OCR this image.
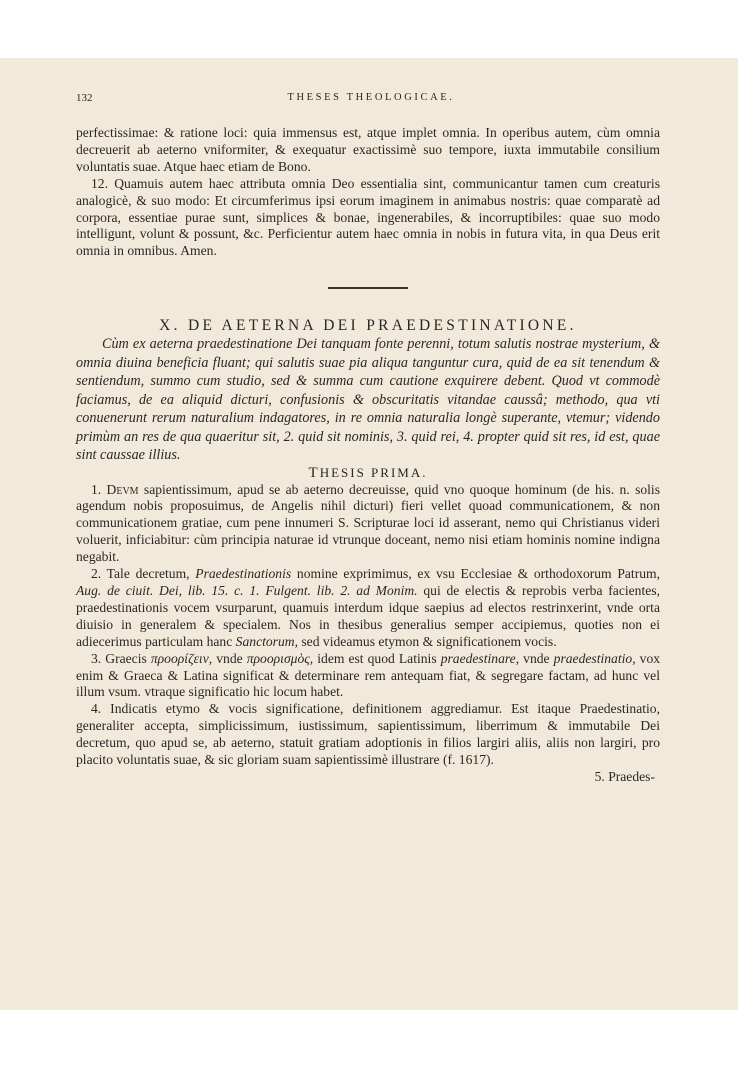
132	THESES THEOLOGICAE.

perfectissimae: & ratione loci: quia immensus est, atque implet omnia. In operibus autem, cùm omnia decreuerit ab aeterno vniformiter, & exequatur exactissimè suo tempore, iuxta immutabile consilium voluntatis suae. Atque haec etiam de Bono.

12. Quamuis autem haec attributa omnia Deo essentialia sint, communicantur tamen cum creaturis analogicè, & suo modo: Et circumferimus ipsi eorum imaginem in animabus nostris: quae comparatè ad corpora, essentiae purae sunt, simplices & bonae, ingenerabiles, & incorruptibiles: quae suo modo intelligunt, volunt & possunt, &c. Perficientur autem haec omnia in nobis in futura vita, in qua Deus erit omnia in omnibus. Amen.

X. DE AETERNA DEI PRAEDESTINATIONE.

Cùm ex aeterna praedestinatione Dei tanquam fonte perenni, totum salutis nostrae mysterium, & omnia diuina beneficia fluant; qui salutis suae pia aliqua tanguntur cura, quid de ea sit tenendum & sentiendum, summo cum studio, sed & summa cum cautione exquirere debent. Quod vt commodè faciamus, de ea aliquid dicturi, confusionis & obscuritatis vitandae caussâ; methodo, qua vti conuenerunt rerum naturalium indagatores, in re omnia naturalia longè superante, vtemur; videndo primùm an res de qua quaeritur sit, 2. quid sit nominis, 3. quid rei, 4. propter quid sit res, id est, quae sint caussae illius.

THESIS PRIMA.

1. Devm sapientissimum, apud se ab aeterno decreuisse, quid vno quoque hominum (de his. n. solis agendum nobis proposuimus, de Angelis nihil dicturi) fieri vellet quoad communicationem, & non communicationem gratiae, cum pene innumeri S. Scripturae loci id asserant, nemo qui Christianus videri voluerit, inficiabitur: cùm principia naturae id vtrunque doceant, nemo nisi etiam hominis nomine indigna negabit.

2. Tale decretum, Praedestinationis nomine exprimimus, ex vsu Ecclesiae & orthodoxorum Patrum, Aug. de ciuit. Dei, lib. 15. c. 1. Fulgent. lib. 2. ad Monim. qui de electis & reprobis verba facientes, praedestinationis vocem vsurparunt, quamuis interdum idque saepius ad electos restrinxerint, vnde orta diuisio in generalem & specialem. Nos in thesibus generalius semper accipiemus, quoties non ei adiecerimus particulam hanc Sanctorum, sed videamus etymon & significationem vocis.

3. Graecis προορίζειν, vnde προορισμὸς, idem est quod Latinis praedestinare, vnde praedestinatio, vox enim & Graeca & Latina significat & determinare rem antequam fiat, & segregare factam, ad hunc vel illum vsum. vtraque significatio hic locum habet.

4. Indicatis etymo & vocis significatione, definitionem aggrediamur. Est itaque Praedestinatio, generaliter accepta, simplicissimum, iustissimum, sapientissimum, liberrimum & immutabile Dei decretum, quo apud se, ab aeterno, statuit gratiam adoptionis in filios largiri aliis, aliis non largiri, pro placito voluntatis suae, & sic gloriam suam sapientissimè illustrare (f. 1617).

5. Praedes-
